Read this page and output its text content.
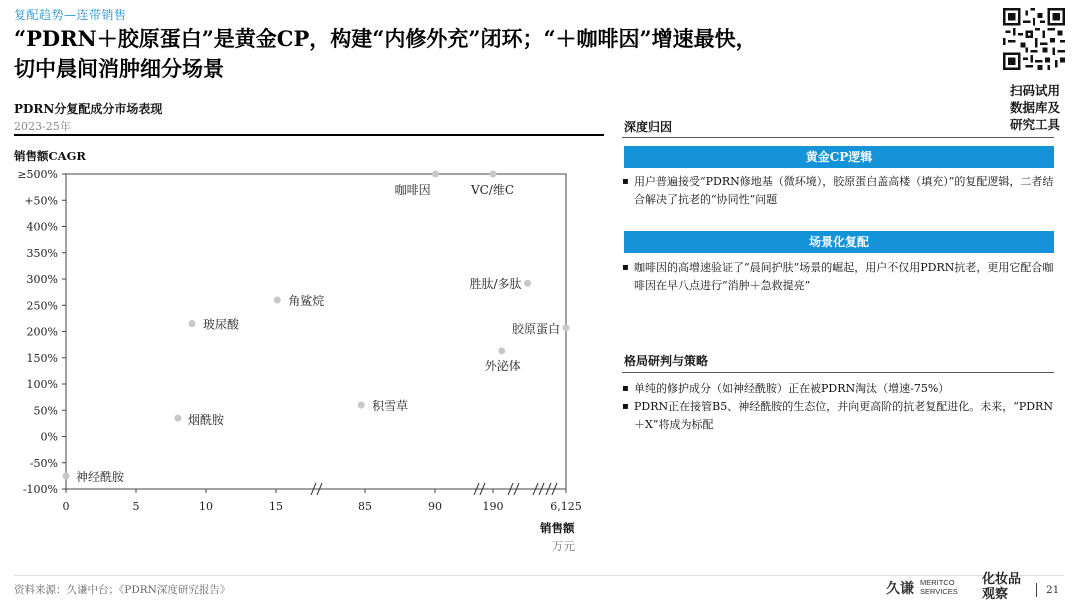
复配趋势—连带销售
“PDRN＋胶原蛋白”是黄金CP，构建“内修外充”闭环；“＋咖啡因”增速最快，
切中晨间消肿细分场景
扫码试用
数据库及
研究工具
PDRN分复配成分市场表现
2023-25年
销售额CAGR
销售额
万元
-100%
-50%
0%
50%
100%
150%
200%
250%
300%
350%
400%
+50%
≥500%
0	5	10	15	85	90	190	6,125
神经酰胺
烟酰胺
玻尿酸
角鲨烷
积雪草
咖啡因	VC/维C
外泌体
胜肽/多肽
胶原蛋白
深度归因
黄金CP逻辑
▪ 用户普遍接受“PDRN修地基（微环境），胶原蛋白盖高楼（填充）”的复配逻辑，二者结合解决了抗老的“协同性”问题
场景化复配
▪ 咖啡因的高增速验证了“晨间护肤”场景的崛起，用户不仅用PDRN抗老，更用它配合咖啡因在早八点进行“消肿＋急救提亮”
格局研判与策略
▪ 单纯的修护成分（如神经酰胺）正在被PDRN淘汰（增速-75%）
▪ PDRN正在接管B5、神经酰胺的生态位，并向更高阶的抗老复配进化。未来，“PDRN＋X”将成为标配
资料来源：久谦中台；《PDRN深度研究报告》	久谦 MERITCO
SERVICES
化妆品
观察	21
